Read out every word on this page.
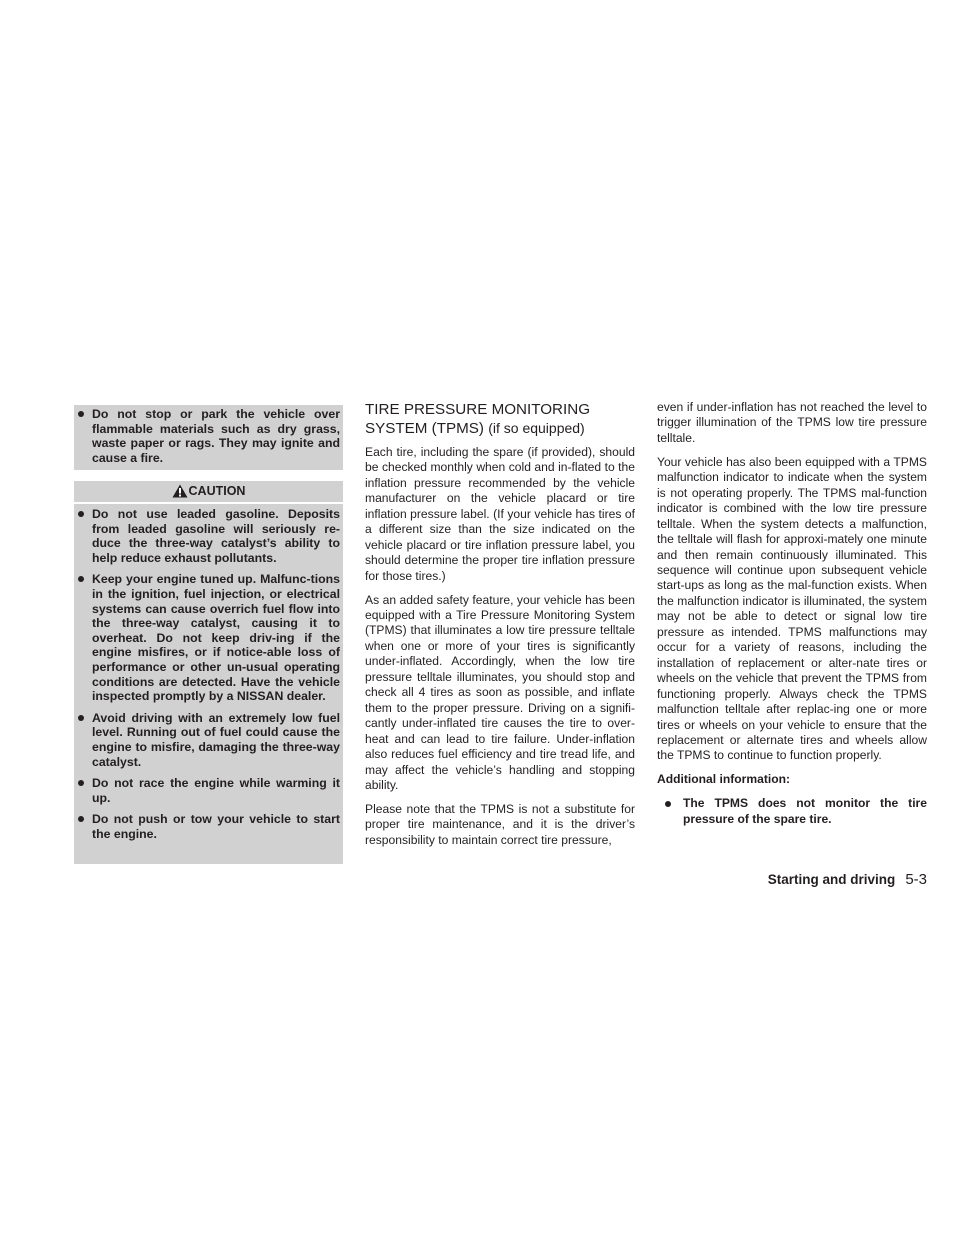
Do not stop or park the vehicle over flammable materials such as dry grass, waste paper or rags. They may ignite and cause a fire.
CAUTION
Do not use leaded gasoline. Deposits from leaded gasoline will seriously re-duce the three-way catalyst’s ability to help reduce exhaust pollutants.
Keep your engine tuned up. Malfunc-tions in the ignition, fuel injection, or electrical systems can cause overrich fuel flow into the three-way catalyst, causing it to overheat. Do not keep driv-ing if the engine misfires, or if notice-able loss of performance or other un-usual operating conditions are detected. Have the vehicle inspected promptly by a NISSAN dealer.
Avoid driving with an extremely low fuel level. Running out of fuel could cause the engine to misfire, damaging the three-way catalyst.
Do not race the engine while warming it up.
Do not push or tow your vehicle to start the engine.
TIRE PRESSURE MONITORING SYSTEM (TPMS) (if so equipped)

Each tire, including the spare (if provided), should be checked monthly when cold and in-flated to the inflation pressure recommended by the vehicle manufacturer on the vehicle placard or tire inflation pressure label. (If your vehicle has tires of a different size than the size indicated on the vehicle placard or tire inflation pressure label, you should determine the proper tire inflation pressure for those tires.)

As an added safety feature, your vehicle has been equipped with a Tire Pressure Monitoring System (TPMS) that illuminates a low tire pressure telltale when one or more of your tires is significantly under-inflated. Accordingly, when the low tire pressure telltale illuminates, you should stop and check all 4 tires as soon as possible, and inflate them to the proper pressure. Driving on a signifi-cantly under-inflated tire causes the tire to over-heat and can lead to tire failure. Under-inflation also reduces fuel efficiency and tire tread life, and may affect the vehicle’s handling and stopping ability.

Please note that the TPMS is not a substitute for proper tire maintenance, and it is the driver’s responsibility to maintain correct tire pressure,

even if under-inflation has not reached the level to trigger illumination of the TPMS low tire pressure telltale.

Your vehicle has also been equipped with a TPMS malfunction indicator to indicate when the system is not operating properly. The TPMS mal-function indicator is combined with the low tire pressure telltale. When the system detects a malfunction, the telltale will flash for approxi-mately one minute and then remain continuously illuminated. This sequence will continue upon subsequent vehicle start-ups as long as the mal-function exists. When the malfunction indicator is illuminated, the system may not be able to detect or signal low tire pressure as intended. TPMS malfunctions may occur for a variety of reasons, including the installation of replacement or alter-nate tires or wheels on the vehicle that prevent the TPMS from functioning properly. Always check the TPMS malfunction telltale after replac-ing one or more tires or wheels on your vehicle to ensure that the replacement or alternate tires and wheels allow the TPMS to continue to function properly.

Additional information:

The TPMS does not monitor the tire pressure of the spare tire.
Starting and driving 5-3
